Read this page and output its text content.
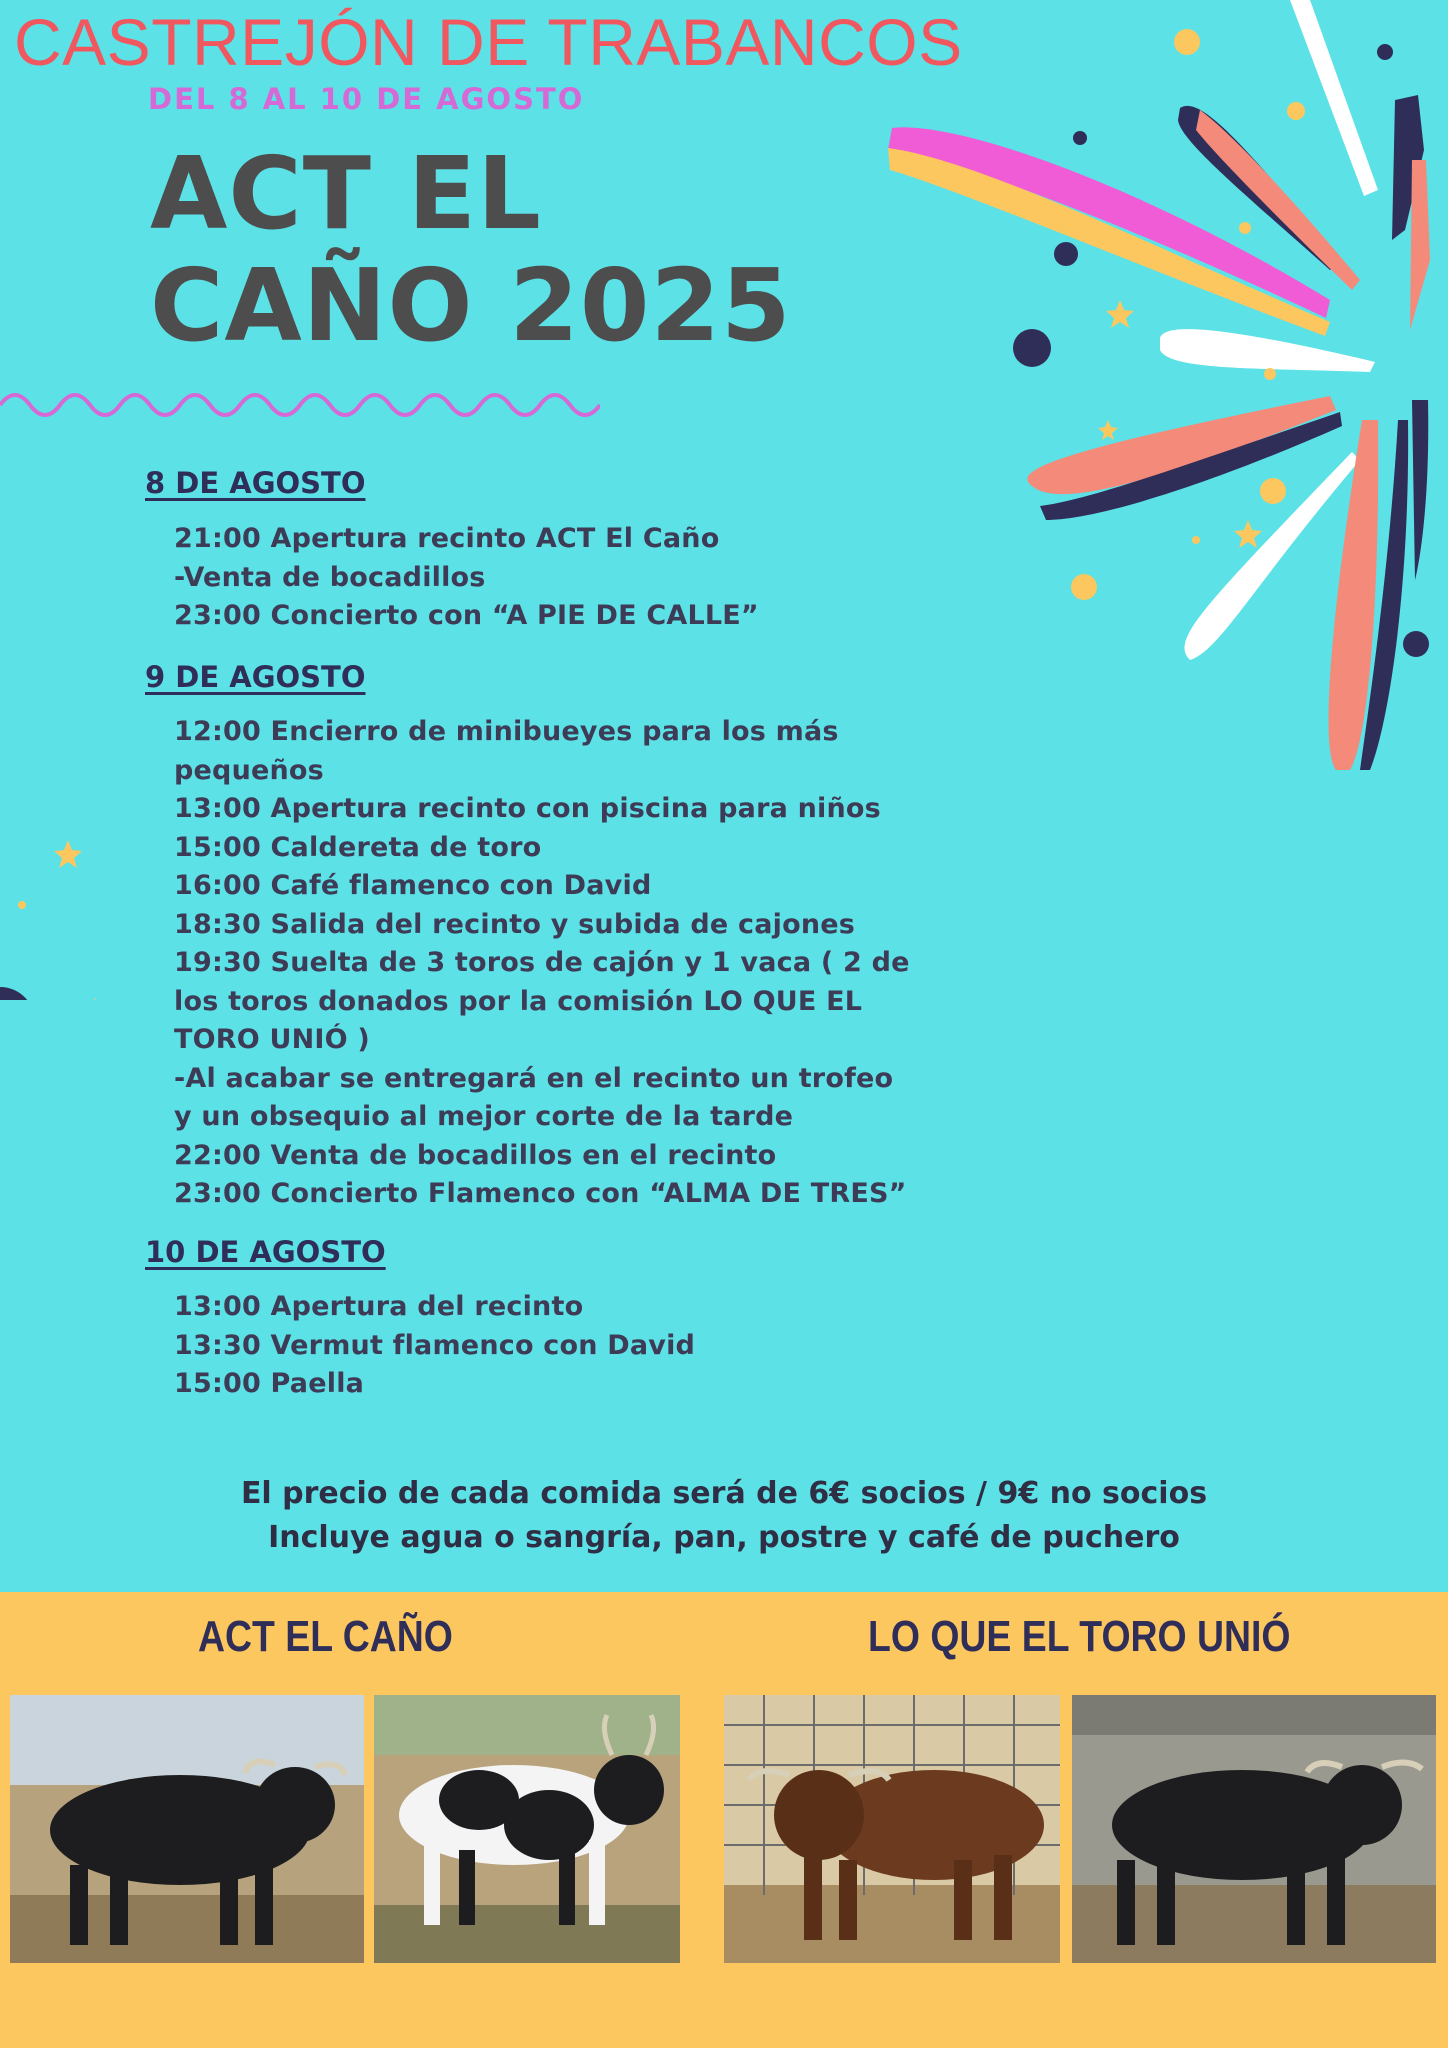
CASTREJÓN DE TRABANCOS
DEL 8 AL 10 DE AGOSTO
ACT EL
CAÑO 2025
8 DE AGOSTO
21:00 Apertura recinto ACT El Caño
-Venta de bocadillos
23:00 Concierto con “A PIE DE CALLE”
9 DE AGOSTO
12:00 Encierro de minibueyes para los más
pequeños
13:00 Apertura recinto con piscina para niños
15:00 Caldereta de toro
16:00 Café flamenco con David
18:30 Salida del recinto y subida de cajones
19:30 Suelta de 3 toros de cajón y 1 vaca ( 2 de
los toros donados por la comisión LO QUE EL
TORO UNIÓ )
-Al acabar se entregará en el recinto un trofeo
y un obsequio al mejor corte de la tarde
22:00 Venta de bocadillos en el recinto
23:00 Concierto Flamenco con “ALMA DE TRES”
10 DE AGOSTO
13:00 Apertura del recinto
13:30 Vermut flamenco con David
15:00 Paella
El precio de cada comida será de 6€ socios / 9€ no socios
Incluye agua o sangría, pan, postre y café de puchero
ACT EL CAÑO	LO QUE EL TORO UNIÓ
